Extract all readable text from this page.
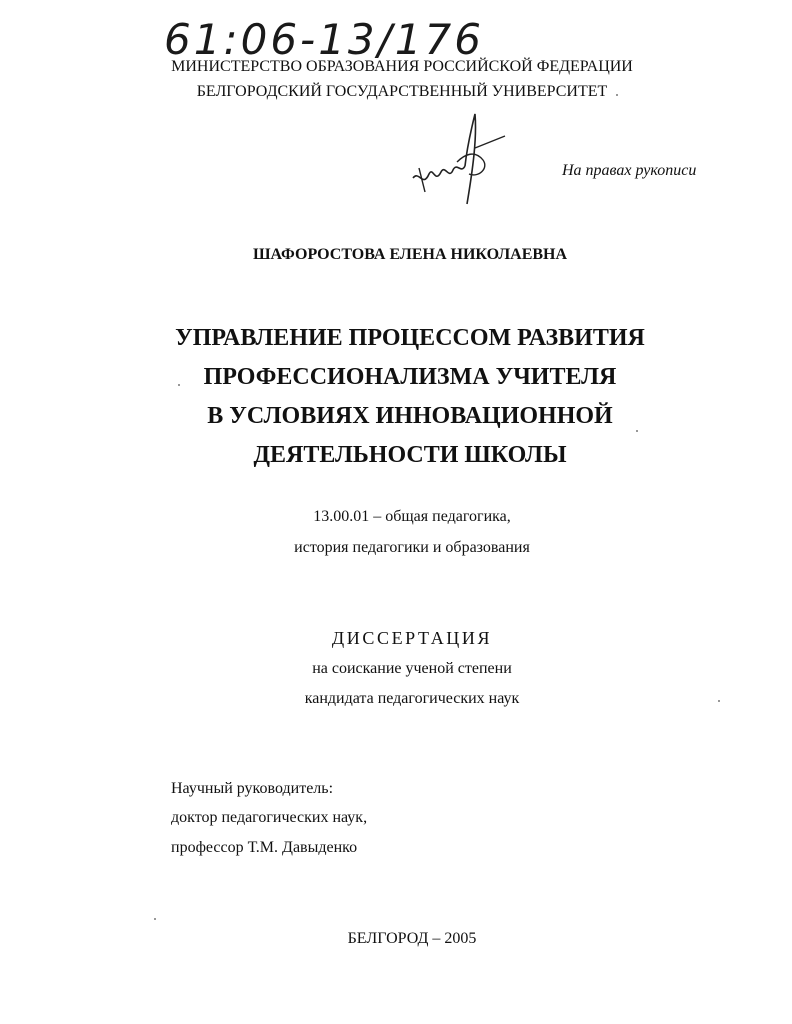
61:06-13/176
МИНИСТЕРСТВО ОБРАЗОВАНИЯ РОССИЙСКОЙ ФЕДЕРАЦИИ
БЕЛГОРОДСКИЙ ГОСУДАРСТВЕННЫЙ УНИВЕРСИТЕТ
На правах рукописи
ШАФОРОСТОВА ЕЛЕНА НИКОЛАЕВНА
УПРАВЛЕНИЕ ПРОЦЕССОМ РАЗВИТИЯ
ПРОФЕССИОНАЛИЗМА УЧИТЕЛЯ
В УСЛОВИЯХ ИННОВАЦИОННОЙ
ДЕЯТЕЛЬНОСТИ ШКОЛЫ
13.00.01 – общая педагогика,
история педагогики и образования
ДИССЕРТАЦИЯ
на соискание ученой степени
кандидата педагогических наук
Научный руководитель:
доктор педагогических наук,
профессор Т.М. Давыденко
БЕЛГОРОД – 2005
